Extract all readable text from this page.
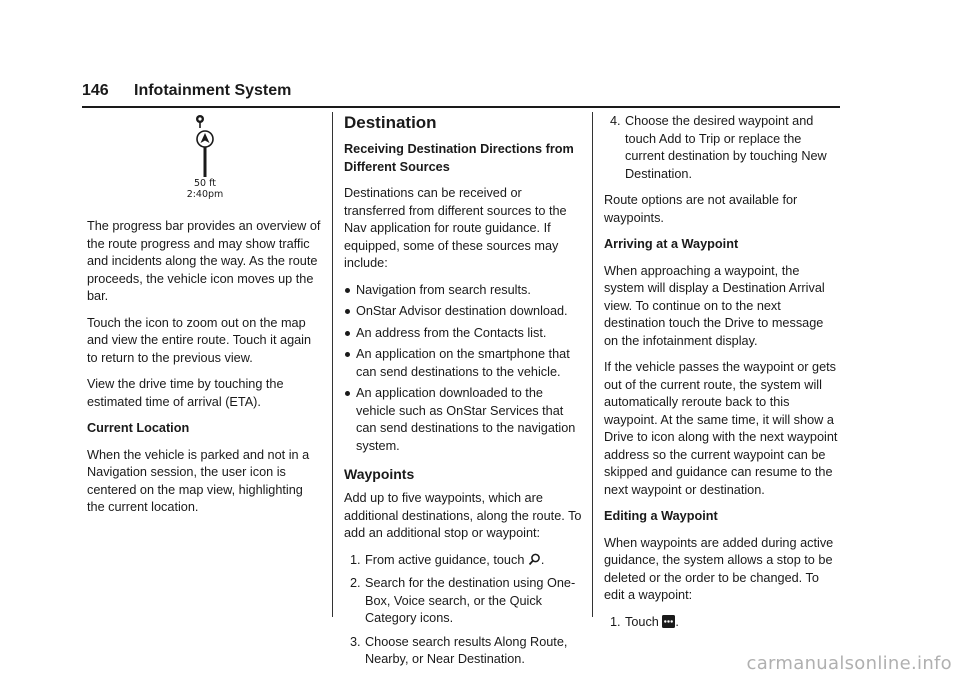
146 Infotainment System
50 ft
2:40pm

The progress bar provides an overview of the route progress and may show traffic and incidents along the way. As the route proceeds, the vehicle icon moves up the bar.

Touch the icon to zoom out on the map and view the entire route. Touch it again to return to the previous view.

View the drive time by touching the estimated time of arrival (ETA).

Current Location

When the vehicle is parked and not in a Navigation session, the user icon is centered on the map view, highlighting the current location.

Destination

Receiving Destination Directions from Different Sources

Destinations can be received or transferred from different sources to the Nav application for route guidance. If equipped, some of these sources may include:

Navigation from search results.
OnStar Advisor destination download.
An address from the Contacts list.
An application on the smartphone that can send destinations to the vehicle.
An application downloaded to the vehicle such as OnStar Services that can send destinations to the navigation system.
Waypoints

Add up to five waypoints, which are additional destinations, along the route. To add an additional stop or waypoint:

1. From active guidance, touch .
2. Search for the destination using One-Box, Voice search, or the Quick Category icons.
3. Choose search results Along Route, Nearby, or Near Destination.
4. Choose the desired waypoint and touch Add to Trip or replace the current destination by touching New Destination.

Route options are not available for waypoints.

Arriving at a Waypoint

When approaching a waypoint, the system will display a Destination Arrival view. To continue on to the next destination touch the Drive to message on the infotainment display.

If the vehicle passes the waypoint or gets out of the current route, the system will automatically reroute back to this waypoint. At the same time, it will show a Drive to icon along with the next waypoint address so the current waypoint can be skipped and guidance can resume to the next waypoint or destination.

Editing a Waypoint

When waypoints are added during active guidance, the system allows a stop to be deleted or the order to be changed. To edit a waypoint:

1. Touch .
carmanualsonline.info
